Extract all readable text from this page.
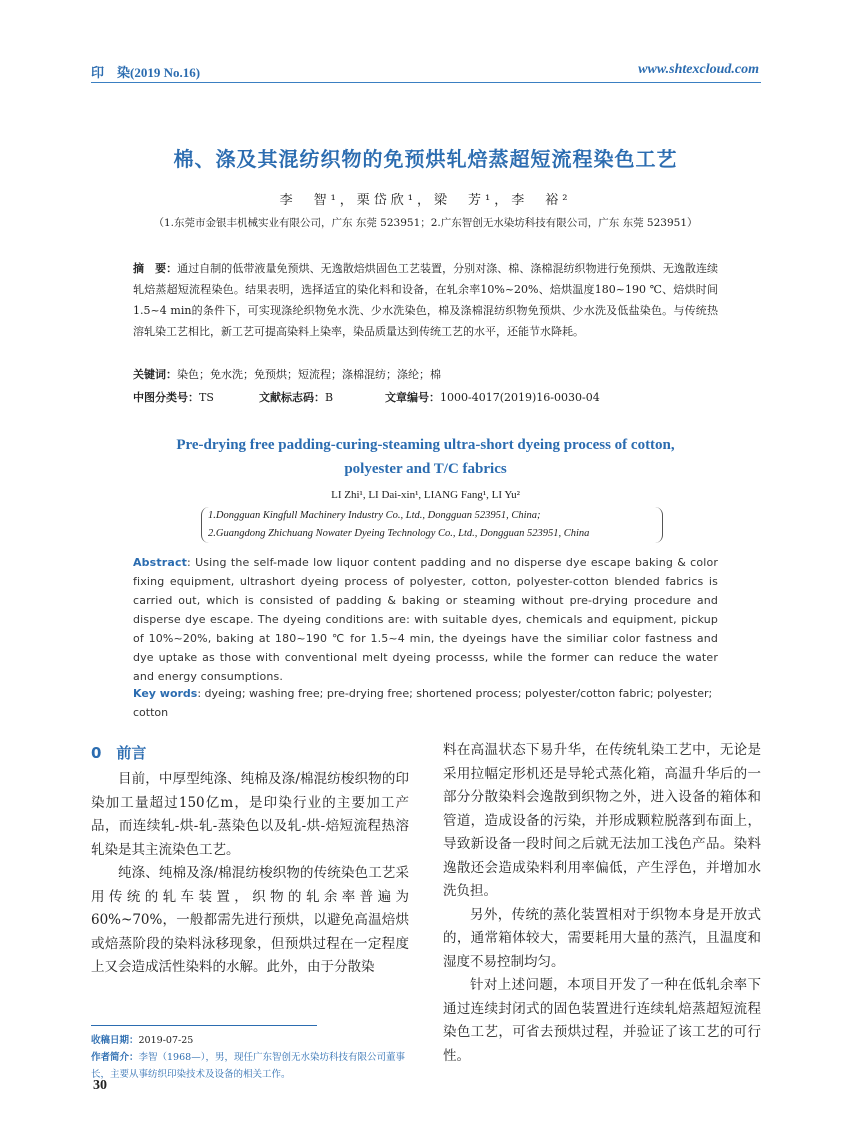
印　染(2019 No.16)	www.shtexcloud.com
棉、涤及其混纺织物的免预烘轧焙蒸超短流程染色工艺
李　智¹，栗岱欣¹，梁　芳¹，李　裕²
（1.东莞市金银丰机械实业有限公司，广东 东莞 523951；2.广东智创无水染坊科技有限公司，广东 东莞 523951）
摘　要：通过自制的低带液量免预烘、无逸散焙烘固色工艺装置，分别对涤、棉、涤棉混纺织物进行免预烘、无逸散连续轧焙蒸超短流程染色。结果表明，选择适宜的染化料和设备，在轧余率10%~20%、焙烘温度180~190 ℃、焙烘时间1.5~4 min的条件下，可实现涤纶织物免水洗、少水洗染色，棉及涤棉混纺织物免预烘、少水洗及低盐染色。与传统热溶轧染工艺相比，新工艺可提高染料上染率，染品质量达到传统工艺的水平，还能节水降耗。
关键词：染色；免水洗；免预烘；短流程；涤棉混纺；涤纶；棉
中图分类号：TS	文献标志码：B	文章编号：1000-4017(2019)16-0030-04
Pre-drying free padding-curing-steaming ultra-short dyeing process of cotton,
polyester and T/C fabrics
LI Zhi¹, LI Dai-xin¹, LIANG Fang¹, LI Yu²
1.Dongguan Kingfull Machinery Industry Co., Ltd., Dongguan 523951, China;
2.Guangdong Zhichuang Nowater Dyeing Technology Co., Ltd., Dongguan 523951, China
Abstract: Using the self-made low liquor content padding and no disperse dye escape baking & color fixing equipment, ultrashort dyeing process of polyester, cotton, polyester-cotton blended fabrics is carried out, which is consisted of padding & baking or steaming without pre-drying procedure and disperse dye escape. The dyeing conditions are: with suitable dyes, chemicals and equipment, pickup of 10%~20%, baking at 180~190 ℃ for 1.5~4 min, the dyeings have the similiar color fastness and dye uptake as those with conventional melt dyeing processs, while the former can reduce the water and energy consumptions.
Key words: dyeing; washing free; pre-drying free; shortened process; polyester/cotton fabric; polyester; cotton
0　前言

目前，中厚型纯涤、纯棉及涤/棉混纺梭织物的印染加工量超过150亿m，是印染行业的主要加工产品，而连续轧-烘-轧-蒸染色以及轧-烘-焙短流程热溶轧染是其主流染色工艺。

纯涤、纯棉及涤/棉混纺梭织物的传统染色工艺采用传统的轧车装置，织物的轧余率普遍为60%~70%，一般都需先进行预烘，以避免高温焙烘或焙蒸阶段的染料泳移现象，但预烘过程在一定程度上又会造成活性染料的水解。此外，由于分散染

料在高温状态下易升华，在传统轧染工艺中，无论是采用拉幅定形机还是导轮式蒸化箱，高温升华后的一部分分散染料会逸散到织物之外，进入设备的箱体和管道，造成设备的污染，并形成颗粒脱落到布面上，导致新设备一段时间之后就无法加工浅色产品。染料逸散还会造成染料利用率偏低，产生浮色，并增加水洗负担。

另外，传统的蒸化装置相对于织物本身是开放式的，通常箱体较大，需要耗用大量的蒸汽，且温度和湿度不易控制均匀。

针对上述问题，本项目开发了一种在低轧余率下通过连续封闭式的固色装置进行连续轧焙蒸超短流程染色工艺，可省去预烘过程，并验证了该工艺的可行性。

收稿日期：2019-07-25
作者简介：李智（1968—），男，现任广东智创无水染坊科技有限公司董事长，主要从事纺织印染技术及设备的相关工作。
30
